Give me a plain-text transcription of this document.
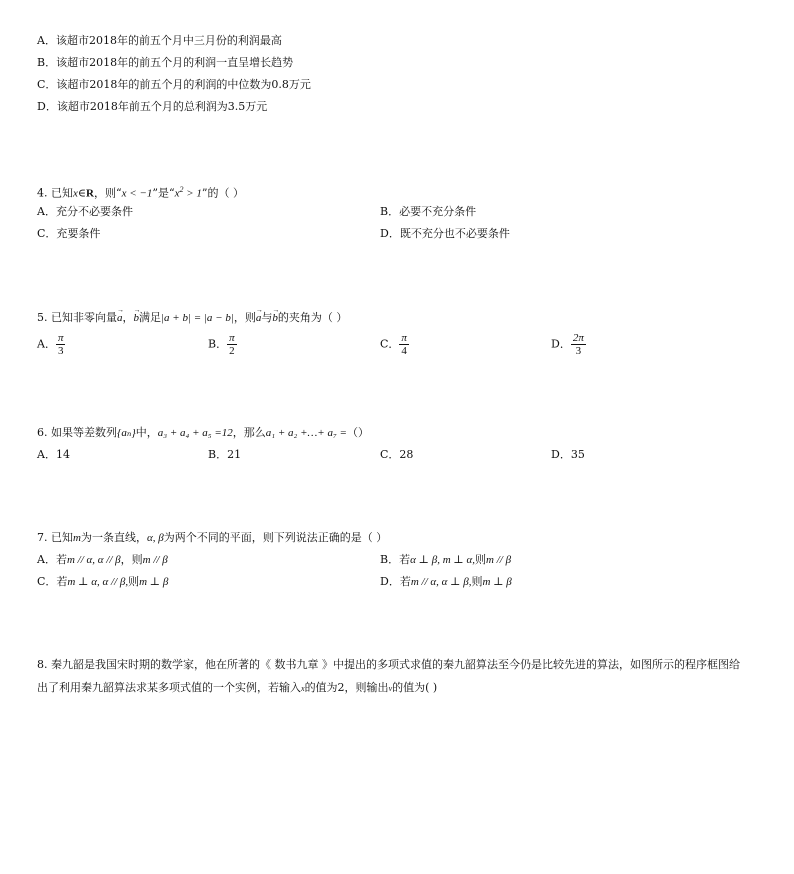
A．该超市2018年的前五个月中三月份的利润最高
B．该超市2018年的前五个月的利润一直呈增长趋势
C．该超市2018年的前五个月的利润的中位数为0.8万元
D．该超市2018年前五个月的总利润为3.5万元
4. 已知x∈R，则“x < −1”是“$x^2 > 1$”的（ ）
A．充分不必要条件	B．必要不充分条件
C．充要条件	D．既不充分也不必要条件
5. 已知非零向量→ a，→ b满足|a + b| = |a − b|，则→ a与→ b的夹角为（ ）
A． $\frac{\pi}{3}$	B． $\frac{\pi}{2}$	C． $\frac{\pi}{4}$	D． $\frac{2\pi}{3}$
6. 如果等差数列{aₙ}中，a₃ + a₄ + a₅ =12，那么a₁ + a₂ +…+ a₇ =（）
A．14	B．21	C．28	D．35
7. 已知m为一条直线，α, β为两个不同的平面，则下列说法正确的是（ ）
A．若m // α, α // β，则m // β	B．若α ⊥ β, m ⊥ α,则m // β
C．若m ⊥ α, α // β,则m ⊥ β	D．若m // α, α ⊥ β,则m ⊥ β
8. 秦九韶是我国宋时期的数学家，他在所著的《 数书九章 》中提出的多项式求值的秦九韶算法至今仍是比较先进的算法，如图所示的程序框图给
出了利用秦九韶算法求某多项式值的一个实例，若输入x的值为2，则输出v的值为( )
